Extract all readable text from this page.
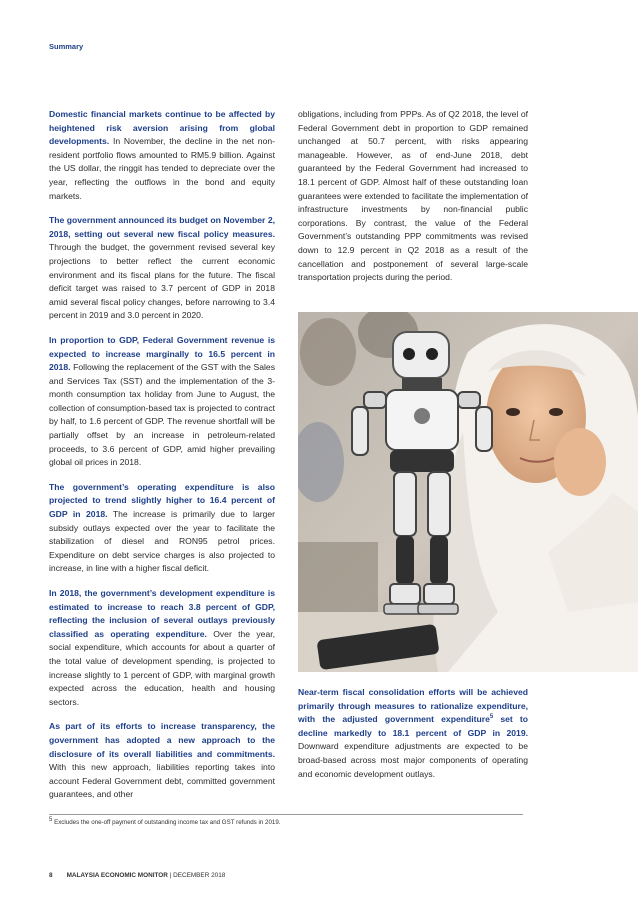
Summary

Domestic financial markets continue to be affected by heightened risk aversion arising from global developments. In November, the decline in the net non-resident portfolio flows amounted to RM5.9 billion. Against the US dollar, the ringgit has tended to depreciate over the year, reflecting the outflows in the bond and equity markets.

The government announced its budget on November 2, 2018, setting out several new fiscal policy measures. Through the budget, the government revised several key projections to better reflect the current economic environment and its fiscal plans for the future. The fiscal deficit target was raised to 3.7 percent of GDP in 2018 amid several fiscal policy changes, before narrowing to 3.4 percent in 2019 and 3.0 percent in 2020.

In proportion to GDP, Federal Government revenue is expected to increase marginally to 16.5 percent in 2018. Following the replacement of the GST with the Sales and Services Tax (SST) and the implementation of the 3-month consumption tax holiday from June to August, the collection of consumption-based tax is projected to contract by half, to 1.6 percent of GDP. The revenue shortfall will be partially offset by an increase in petroleum-related proceeds, to 3.6 percent of GDP, amid higher prevailing global oil prices in 2018.

The government’s operating expenditure is also projected to trend slightly higher to 16.4 percent of GDP in 2018. The increase is primarily due to larger subsidy outlays expected over the year to facilitate the stabilization of diesel and RON95 petrol prices. Expenditure on debt service charges is also projected to increase, in line with a higher fiscal deficit.

In 2018, the government’s development expenditure is estimated to increase to reach 3.8 percent of GDP, reflecting the inclusion of several outlays previously classified as operating expenditure. Over the year, social expenditure, which accounts for about a quarter of the total value of development spending, is projected to increase slightly to 1 percent of GDP, with marginal growth expected across the education, health and housing sectors.

As part of its efforts to increase transparency, the government has adopted a new approach to the disclosure of its overall liabilities and commitments. With this new approach, liabilities reporting takes into account Federal Government debt, committed government guarantees, and other

obligations, including from PPPs. As of Q2 2018, the level of Federal Government debt in proportion to GDP remained unchanged at 50.7 percent, with risks appearing manageable. However, as of end-June 2018, debt guaranteed by the Federal Government had increased to 18.1 percent of GDP. Almost half of these outstanding loan guarantees were extended to facilitate the implementation of infrastructure investments by non-financial public corporations. By contrast, the value of the Federal Government’s outstanding PPP commitments was revised down to 12.9 percent in Q2 2018 as a result of the cancellation and postponement of several large-scale transportation projects during the period.

Near-term fiscal consolidation efforts will be achieved primarily through measures to rationalize expenditure, with the adjusted government expenditure$^5$ set to decline markedly to 18.1 percent of GDP in 2019. Downward expenditure adjustments are expected to be broad-based across most major components of operating and economic development outlays.

$^5$ Excludes the one-off payment of outstanding income tax and GST refunds in 2019.
8 MALAYSIA ECONOMIC MONITOR | DECEMBER 2018
